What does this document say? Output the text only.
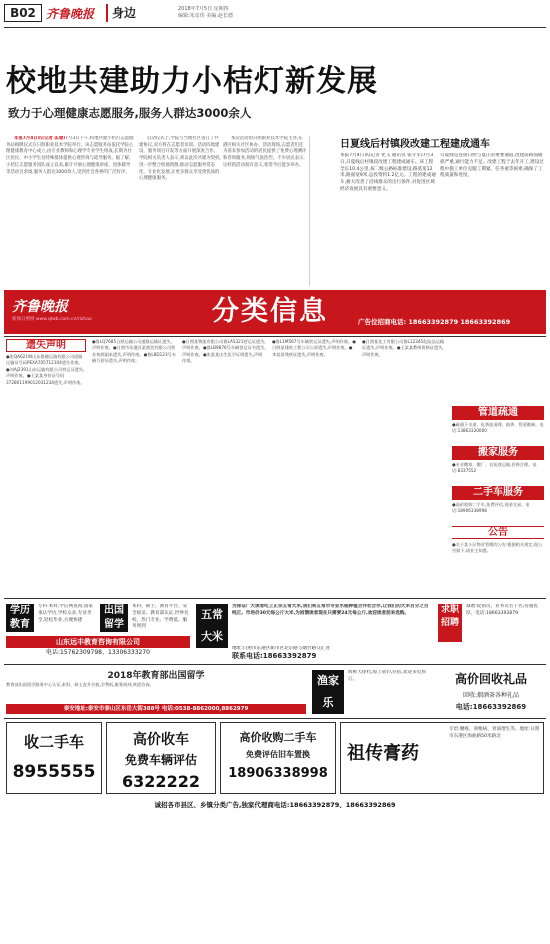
B02 齐鲁晚报	身边	2018年7月5日 星期四
编辑:朱彦伟 美编:赵长德
校地共建助力小桔灯新发展
致力于心理健康志愿服务,服务人群达3000余人

本报7月4日讯(记者 匡瑜)7月3日下午,校地共建小桔灯志愿服务站揭牌仪式在日照职业技术学院举行。该志愿服务站依托学院心理健康教育中心成立,由专业教师和心理学专业学生组成,长期为社区居民、中小学生及特殊群体提供心理咨询与疏导服务。据了解,小桔灯志愿服务团队成立以来,累计开展心理健康讲座、团体辅导等活动百余场,服务人群达3000余人,受到社会各界的广泛好评。

启动仪式上,学院与当地社区签订了共建协议,双方将在志愿者培训、活动阵地建设、服务项目开发等方面开展深度合作。学院相关负责人表示,将以此次共建为契机,进一步整合校地资源,推动志愿服务常态化、专业化发展,让更多群众享受到优质的心理健康服务。

本次活动由日照职业技术学院主办,东港区相关社区协办。活动现场,志愿者们还为前来参加活动的居民提供了免费心理测评和咨询服务,现场气氛热烈。不少居民表示,这样的活动很有意义,希望今后能多举办。

日夏线后村镇段改建工程建成通车

本报7月4日讯(记者 化玉 通讯员 张守军)7月3日,日夏线后村镇段改建工程建成通车。该工程全长10.4公里,按二级公路标准建设,路基宽12米,路面宽9米,总投资约1.2亿元。工程的建成通车,极大改善了沿线群众的出行条件,对促进区域经济发展具有重要意义。

日夏线是连接日照与夏庄的重要通道,改建前路面破损严重,通行能力不足。改建工程于去年开工,建设过程中施工单位克服工期紧、任务重等困难,确保了工程质量和进度。

齐鲁晚报
新闻日照网 www.qlwb.com.cn/rizhao	分类信息	广告位招商电话: 18663392879 18663392869
遗失声明
●张QA621W山东鲁晓运输有限公司道路运输证号码PEXA705712104遗失作废。●刘AJ2391山东运输有限公司营运证遗失,声明作废。●王某某身份证号码372801199012031234遗失,声明作废。
●鲁LQ7685日照运输公司道路运输证遗失,声明作废。●日照市东港区某商贸有限公司营业执照副本遗失,声明作废。●鲁L8D123号车辆行驶证遗失,声明作废。
●日照某物流有限公司鲁LA5321营运证遗失,声明作废。●鲁LB9876号车辆登记证书遗失,声明作废。●张某某出生医学证明遗失,声明作废。
●鲁L1M567号车辆营运证遗失,声明作废。●日照某建筑工程公司公章遗失,声明作废。●李某某残疾证遗失,声明作废。
●日照某化工有限公司鲁L12345危险品运输证遗失,声明作废。●王某某教师资格证遗失,声明作废。
管道疏通
●疏通下水道、化粪池清理、抽粪、管道维修。电话:13863320000
搬家服务
●专业搬家、搬厂、长短途运输,价格合理。电话:8337552
二手车服务
●高价收购二手车,免费评估,现金交易。电话:18906338998
公告
●关于某小区物业管理的公告:根据相关规定,现公告如下,请业主知悉。
学历教育
专科·本科,学信网查询,国家承认学历,学校众多,专业齐全,轻松毕业,方便快捷
出国留学
本科、硕士、教育平台、安全稳妥、教育部认证,世界名校、热门专业、学费低、服务周到
山东远丰教育咨询有限公司
电话:15762309798、13306333270
五常大米
为保证广大读者吃上正宗五常大米,我们和五常市专业水稻种植合作社合作,让我们的大米百分之百纯正。市场价30元每公斤大米,为回馈读者现在只需要24元每公斤,欢迎读者前来选购。
地址:日照市东港区新市区北京路与烟台路交汇处
联系电话:18663392879
求职招聘
诚聘:促销员、业务员若干名,待遇优厚。电话:18663392879
2018年教育部出国留学
教育部出国留学服务中心认证,本科、硕士直升名校,学费低,服务周到,欢迎咨询。
泰安地址:泰安市泰山区东岳大街388号 电话:0538-8862000,8862979
渔家乐
海鲜大排档,海上垂钓,住宿,欢迎来电预订。	高价回收礼品
回收:烟酒茶各种礼品
电话:18663392869
收二手车
8955555
高价收车
免费车辆评估
6322222
高价收购二手车
免费评估旧车置换
18906338998
祖传膏药
专治:腰疼、颈椎病、骨质增生等。地址:日照市东港区海曲路50米路北
诚招各市县区、乡镇分类广告,独家代理商电话:18663392879、18663392869
